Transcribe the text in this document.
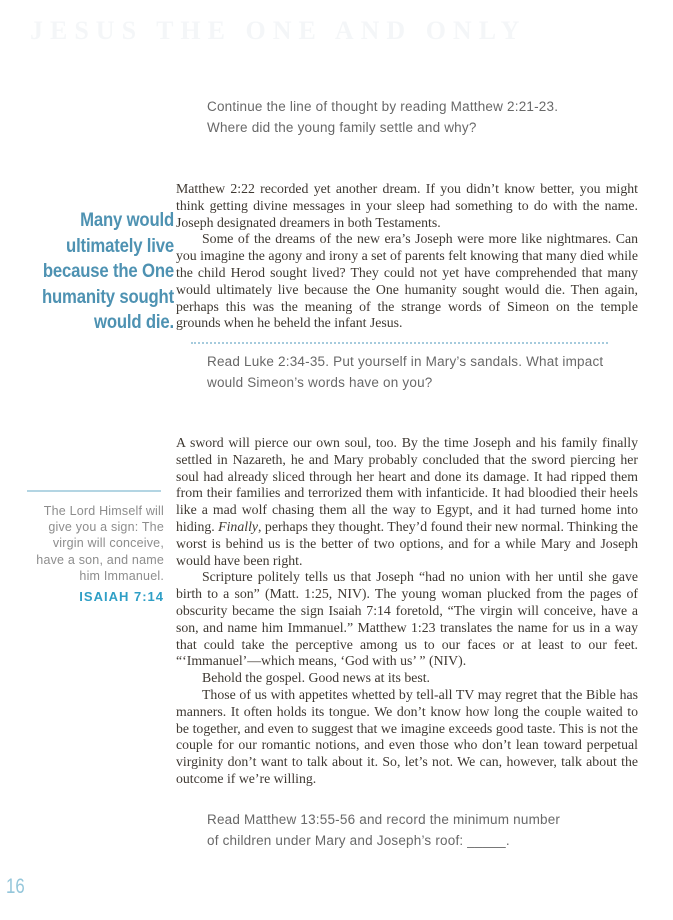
JESUS THE ONE AND ONLY
Continue the line of thought by reading Matthew 2:21-23.
Where did the young family settle and why?
Many would
ultimately live
because the One
humanity sought
would die.

Matthew 2:22 recorded yet another dream. If you didn’t know better, you might think getting divine messages in your sleep had something to do with the name. Joseph designated dreamers in both Testaments.

Some of the dreams of the new era’s Joseph were more like nightmares. Can you imagine the agony and irony a set of parents felt knowing that many died while the child Herod sought lived? They could not yet have comprehended that many would ultimately live because the One humanity sought would die. Then again, perhaps this was the meaning of the strange words of Simeon on the temple grounds when he beheld the infant Jesus.

Read Luke 2:34-35. Put yourself in Mary’s sandals. What impact
would Simeon’s words have on you?
The Lord Himself will
give you a sign: The
virgin will conceive,
have a son, and name
him Immanuel.
ISAIAH 7:14

A sword will pierce our own soul, too. By the time Joseph and his family finally settled in Nazareth, he and Mary probably concluded that the sword piercing her soul had already sliced through her heart and done its damage. It had ripped them from their families and terrorized them with infanticide. It had bloodied their heels like a mad wolf chasing them all the way to Egypt, and it had turned home into hiding. Finally, perhaps they thought. They’d found their new normal. Thinking the worst is behind us is the better of two options, and for a while Mary and Joseph would have been right.

Scripture politely tells us that Joseph “had no union with her until she gave birth to a son” (Matt. 1:25, NIV). The young woman plucked from the pages of obscurity became the sign Isaiah 7:14 foretold, “The virgin will conceive, have a son, and name him Immanuel.” Matthew 1:23 translates the name for us in a way that could take the perceptive among us to our faces or at least to our feet. “‘Immanuel’—which means, ‘God with us’ ” (NIV).

Behold the gospel. Good news at its best.

Those of us with appetites whetted by tell-all TV may regret that the Bible has manners. It often holds its tongue. We don’t know how long the couple waited to be together, and even to suggest that we imagine exceeds good taste. This is not the couple for our romantic notions, and even those who don’t lean toward perpetual virginity don’t want to talk about it. So, let’s not. We can, however, talk about the outcome if we’re willing.

Read Matthew 13:55-56 and record the minimum number
of children under Mary and Joseph’s roof: _____.
16
